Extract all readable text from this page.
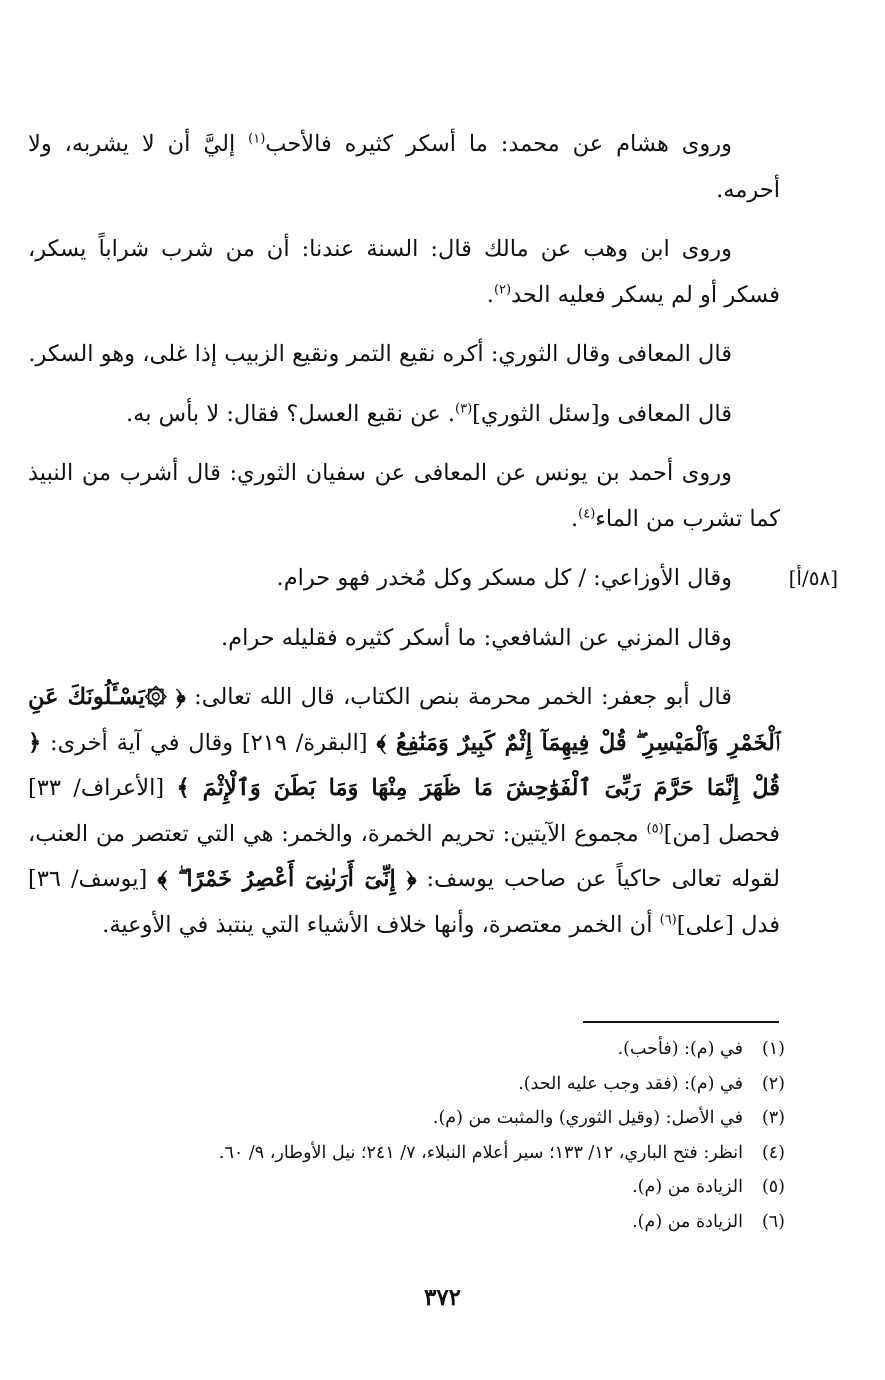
وروى هشام عن محمد: ما أسكر كثيره فالأحب$^{(١)}$ إليَّ أن لا يشربه، ولا أحرمه.

وروى ابن وهب عن مالك قال: السنة عندنا: أن من شرب شراباً يسكر، فسكر أو لم يسكر فعليه الحد$^{(٢)}$.

قال المعافى وقال الثوري: أكره نقيع التمر ونقيع الزبيب إذا غلى، وهو السكر.

قال المعافى و[سئل الثوري]$^{(٣)}$. عن نقيع العسل؟ فقال: لا بأس به.

وروى أحمد بن يونس عن المعافى عن سفيان الثوري: قال أشرب من النبيذ كما تشرب من الماء$^{(٤)}$.

[٥٨/أ]
وقال الأوزاعي: / كل مسكر وكل مُخدر فهو حرام.

وقال المزني عن الشافعي: ما أسكر كثيره فقليله حرام.

قال أبو جعفر: الخمر محرمة بنص الكتاب، قال الله تعالى: ﴿ ۞يَسْـَٔلُونَكَ عَنِ ٱلْخَمْرِ وَٱلْمَيْسِرِ ۖ قُلْ فِيهِمَآ إِثْمٌ كَبِيرٌ وَمَنَٰفِعُ ﴾ [البقرة/ ٢١٩] وقال في آية أخرى: ﴿ قُلْ إِنَّمَا حَرَّمَ رَبِّىَ ٱلْفَوَٰحِشَ مَا ظَهَرَ مِنْهَا وَمَا بَطَنَ وَٱلْإِثْمَ ﴾ [الأعراف/ ٣٣] فحصل [من]$^{(٥)}$ مجموع الآيتين: تحريم الخمرة، والخمر: هي التي تعتصر من العنب، لقوله تعالى حاكياً عن صاحب يوسف: ﴿ إِنِّىٓ أَرَىٰنِىٓ أَعْصِرُ خَمْرًا ۖ ﴾ [يوسف/ ٣٦] فدل [على]$^{(٦)}$ أن الخمر معتصرة، وأنها خلاف الأشياء التي ينتبذ في الأوعية.

(١)
في (م): (فأحب).
(٢)
في (م): (فقد وجب عليه الحد).
(٣)
في الأصل: (وقيل الثوري) والمثبت من (م).
(٤)
انظر: فتح الباري، ١٢/ ١٣٣؛ سير أعلام النبلاء، ٧/ ٢٤١؛ نيل الأوطار، ٩/ ٦٠.
(٥)
الزيادة من (م).
(٦)
الزيادة من (م).
٣٧٢
